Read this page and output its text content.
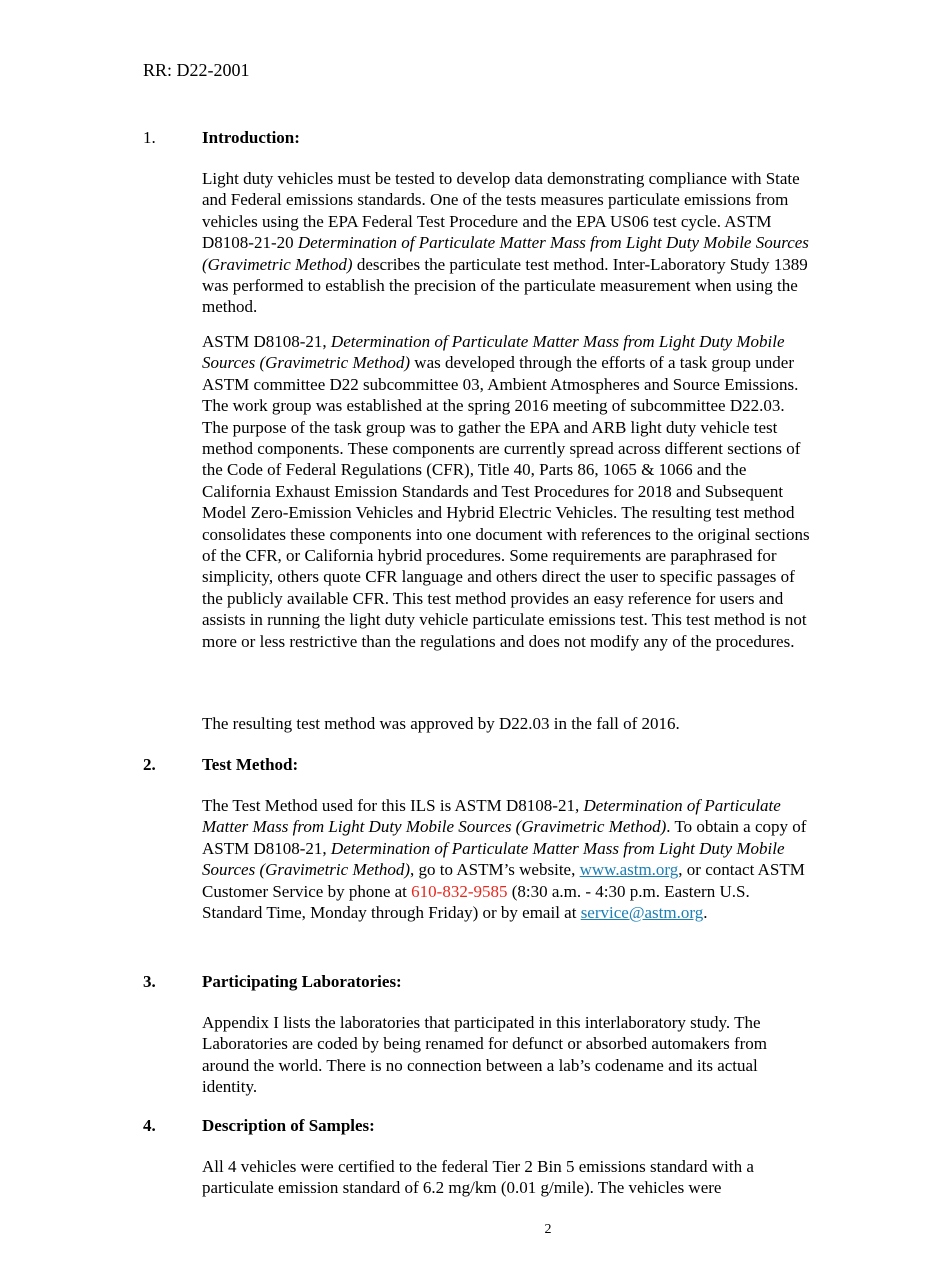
RR: D22-2001
1.	Introduction:

Light duty vehicles must be tested to develop data demonstrating compliance with State and Federal emissions standards. One of the tests measures particulate emissions from vehicles using the EPA Federal Test Procedure and the EPA US06 test cycle. ASTM D8108-21-20 Determination of Particulate Matter Mass from Light Duty Mobile Sources (Gravimetric Method) describes the particulate test method. Inter-Laboratory Study 1389 was performed to establish the precision of the particulate measurement when using the method.

ASTM D8108-21, Determination of Particulate Matter Mass from Light Duty Mobile Sources (Gravimetric Method) was developed through the efforts of a task group under ASTM committee D22 subcommittee 03, Ambient Atmospheres and Source Emissions. The work group was established at the spring 2016 meeting of subcommittee D22.03. The purpose of the task group was to gather the EPA and ARB light duty vehicle test method components. These components are currently spread across different sections of the Code of Federal Regulations (CFR), Title 40, Parts 86, 1065 & 1066 and the California Exhaust Emission Standards and Test Procedures for 2018 and Subsequent Model Zero-Emission Vehicles and Hybrid Electric Vehicles. The resulting test method consolidates these components into one document with references to the original sections of the CFR, or California hybrid procedures. Some requirements are paraphrased for simplicity, others quote CFR language and others direct the user to specific passages of the publicly available CFR. This test method provides an easy reference for users and assists in running the light duty vehicle particulate emissions test. This test method is not more or less restrictive than the regulations and does not modify any of the procedures.

The resulting test method was approved by D22.03 in the fall of 2016.

2.	Test Method:

The Test Method used for this ILS is ASTM D8108-21, Determination of Particulate Matter Mass from Light Duty Mobile Sources (Gravimetric Method). To obtain a copy of ASTM D8108-21, Determination of Particulate Matter Mass from Light Duty Mobile Sources (Gravimetric Method), go to ASTM’s website, www.astm.org, or contact ASTM Customer Service by phone at 610-832-9585 (8:30 a.m. - 4:30 p.m. Eastern U.S. Standard Time, Monday through Friday) or by email at service@astm.org.

3.	Participating Laboratories:

Appendix I lists the laboratories that participated in this interlaboratory study. The Laboratories are coded by being renamed for defunct or absorbed automakers from around the world. There is no connection between a lab’s codename and its actual identity.

4.	Description of Samples:

All 4 vehicles were certified to the federal Tier 2 Bin 5 emissions standard with a particulate emission standard of 6.2 mg/km (0.01 g/mile). The vehicles were

2
